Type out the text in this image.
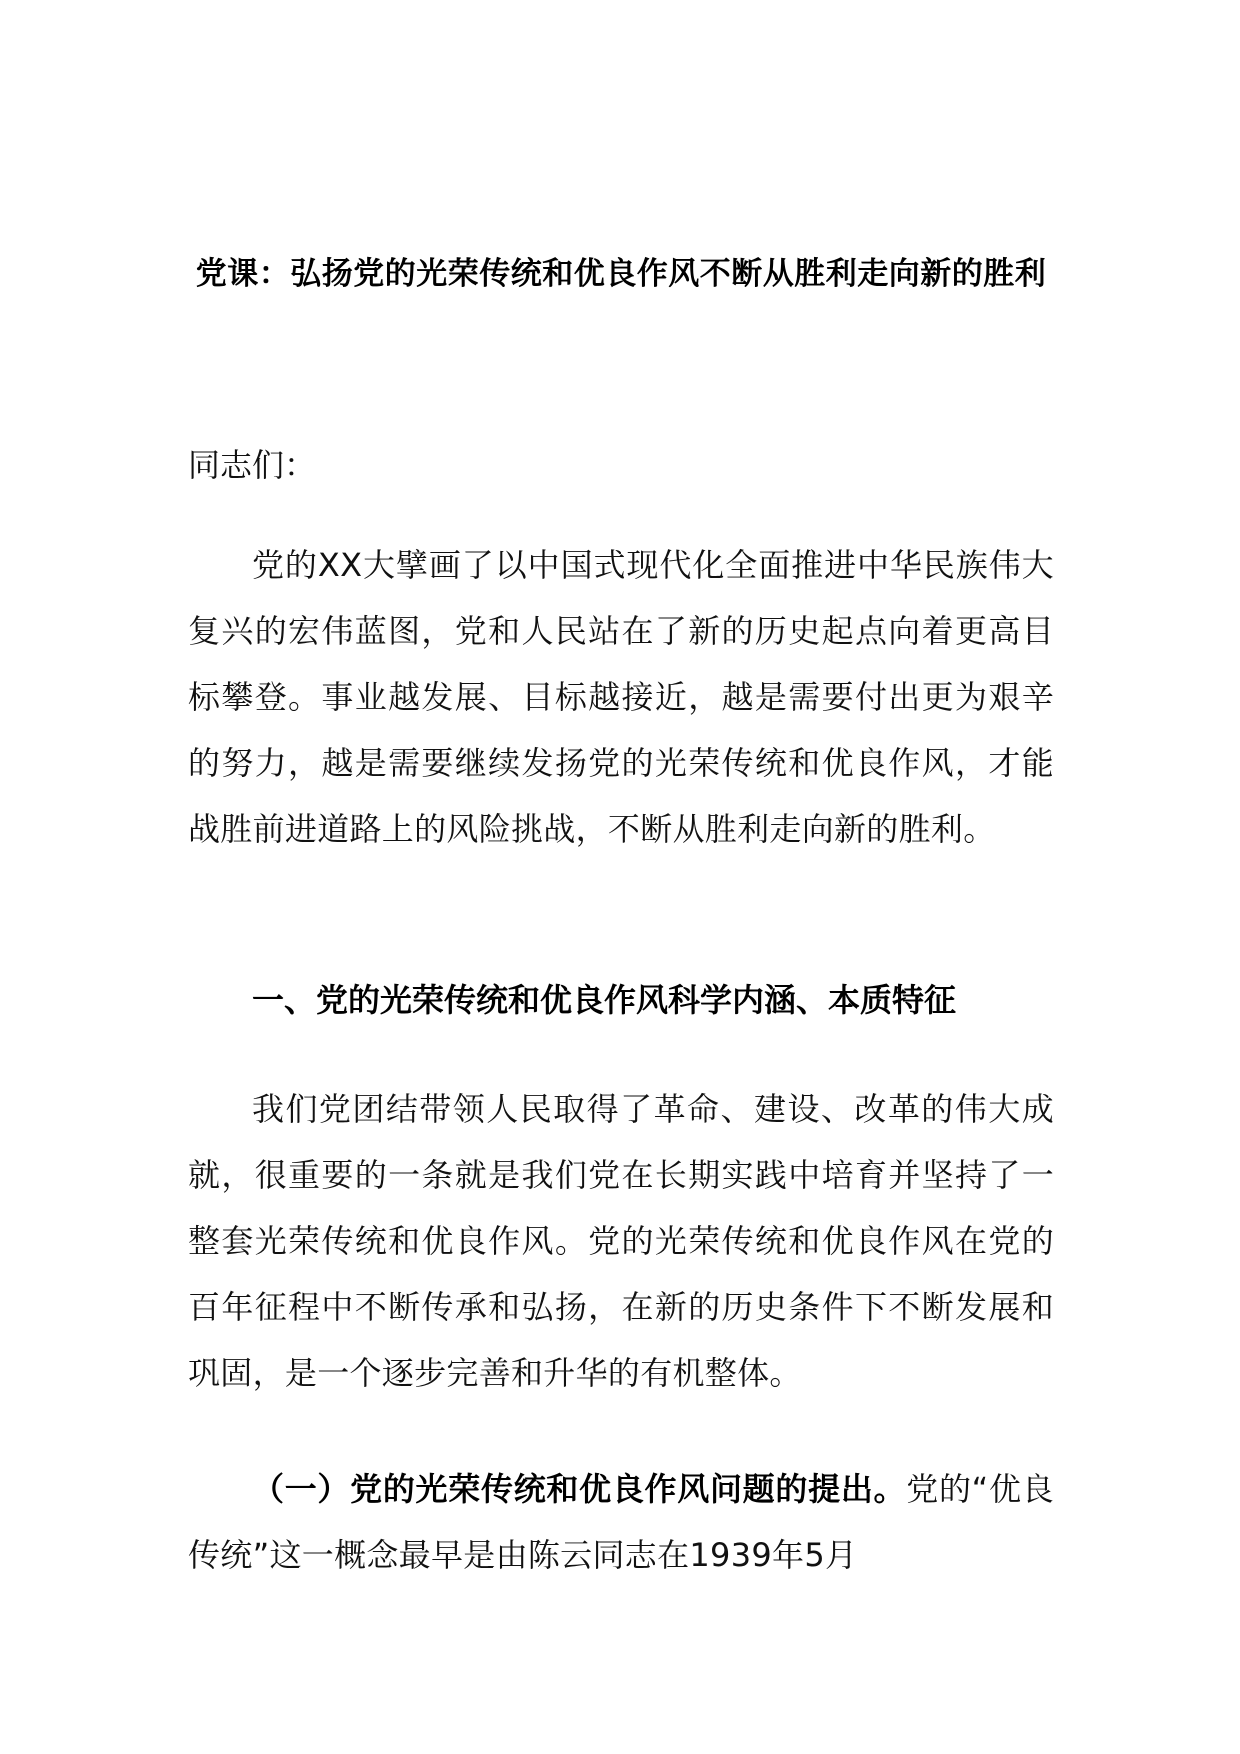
党课：弘扬党的光荣传统和优良作风不断从胜利走向新的胜利

同志们：

党的XX大擘画了以中国式现代化全面推进中华民族伟大复兴的宏伟蓝图，党和人民站在了新的历史起点向着更高目标攀登。事业越发展、目标越接近，越是需要付出更为艰辛的努力，越是需要继续发扬党的光荣传统和优良作风，才能战胜前进道路上的风险挑战，不断从胜利走向新的胜利。

一、党的光荣传统和优良作风科学内涵、本质特征

我们党团结带领人民取得了革命、建设、改革的伟大成就，很重要的一条就是我们党在长期实践中培育并坚持了一整套光荣传统和优良作风。党的光荣传统和优良作风在党的百年征程中不断传承和弘扬，在新的历史条件下不断发展和巩固，是一个逐步完善和升华的有机整体。

（一）党的光荣传统和优良作风问题的提出。党的“优良传统”这一概念最早是由陈云同志在1939年5月
